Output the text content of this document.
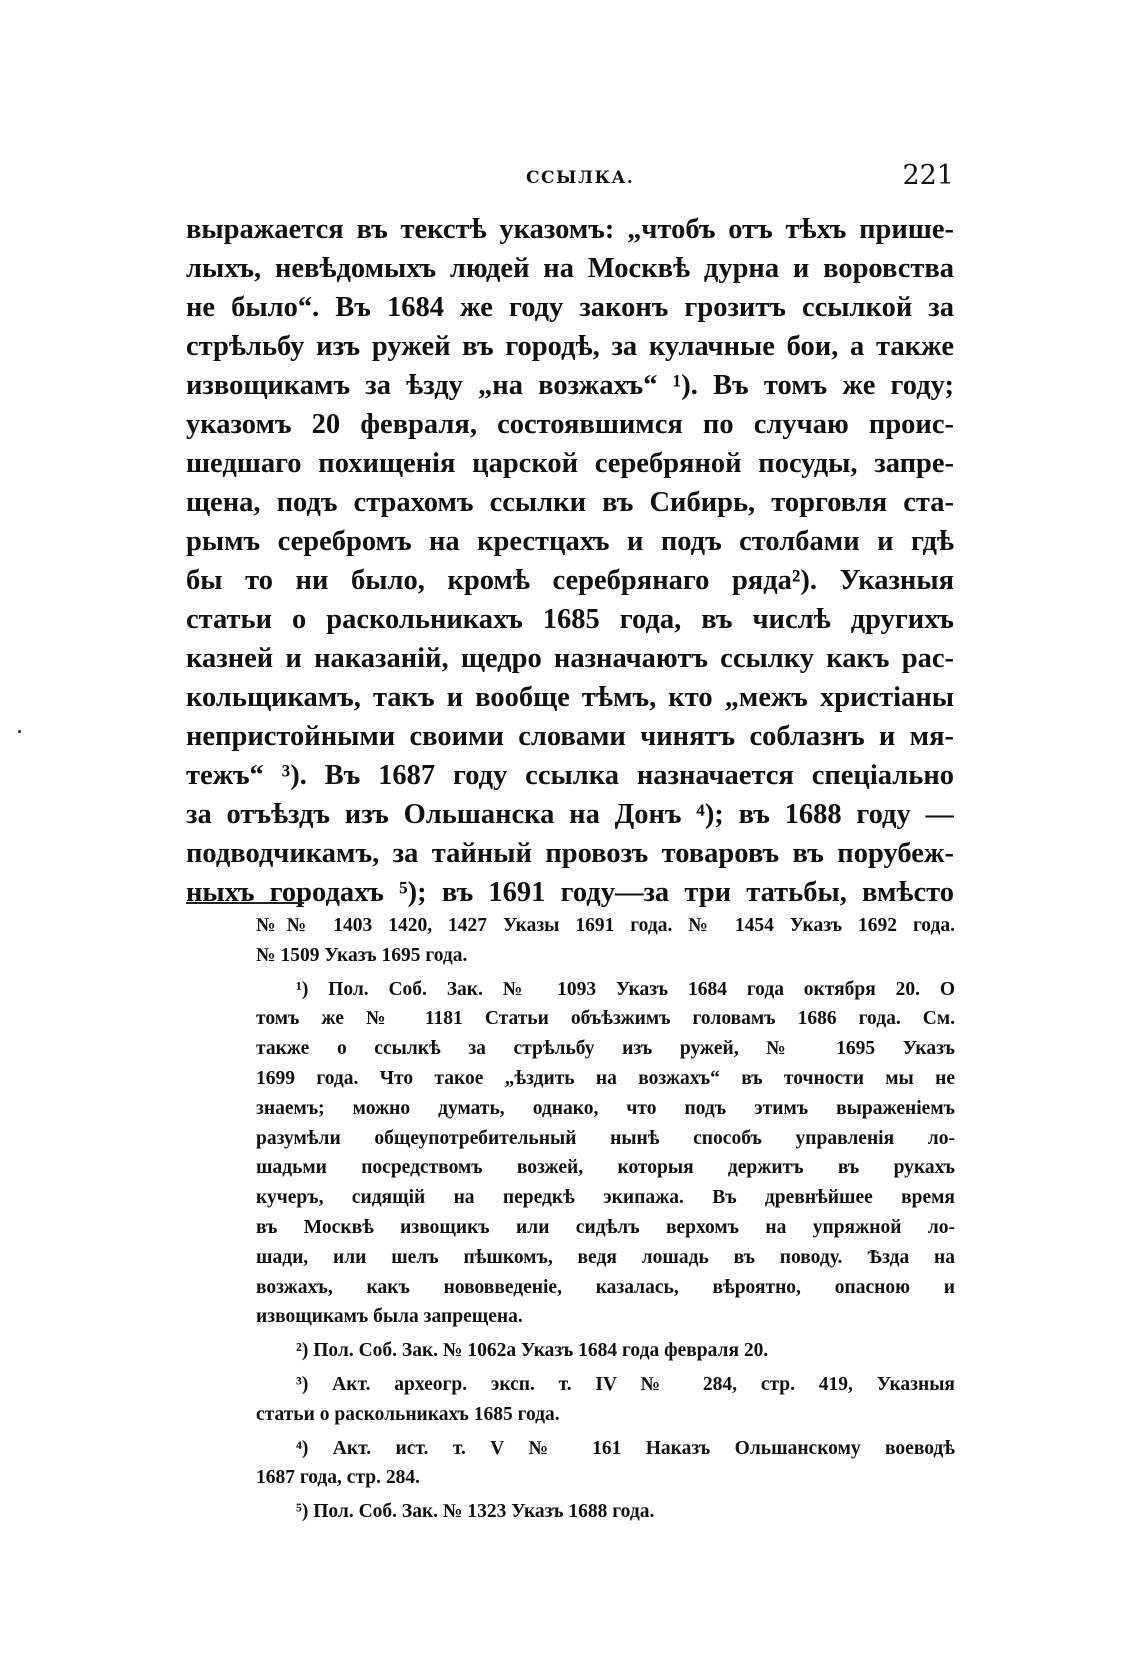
ССЫЛКА.	221
выражается въ текстѣ указомъ: „чтобъ отъ тѣхъ прише-
лыхъ, невѣдомыхъ людей на Москвѣ дурна и воровства
не было“. Въ 1684 же году законъ грозитъ ссылкой за
стрѣльбу изъ ружей въ городѣ, за кулачные бои, а также
извощикамъ за ѣзду „на возжахъ“ ¹). Въ томъ же году;
указомъ 20 февраля, состоявшимся по случаю проис-
шедшаго похищенія царской серебряной посуды, запре-
щена, подъ страхомъ ссылки въ Сибирь, торговля ста-
рымъ серебромъ на крестцахъ и подъ столбами и гдѣ
бы то ни было, кромѣ серебрянаго ряда²). Указныя
статьи о раскольникахъ 1685 года, въ числѣ другихъ
казней и наказаній, щедро назначаютъ ссылку какъ рас-
кольщикамъ, такъ и вообще тѣмъ, кто „межъ христіаны
непристойными своими словами чинятъ соблазнъ и мя-
тежъ“ ³). Въ 1687 году ссылка назначается спеціально
за отъѣздъ изъ Ольшанска на Донъ ⁴); въ 1688 году —
подводчикамъ, за тайный провозъ товаровъ въ порубеж-
ныхъ городахъ ⁵); въ 1691 году—за три татьбы, вмѣсто
№№ 1403 1420, 1427 Указы 1691 года. № 1454 Указъ 1692 года.
№ 1509 Указъ 1695 года.
¹) Пол. Соб. Зак. № 1093 Указъ 1684 года октября 20. О
томъ же № 1181 Статьи объѣзжимъ головамъ 1686 года. См.
также о ссылкѣ за стрѣльбу изъ ружей, № 1695 Указъ
1699 года. Что такое „ѣздить на возжахъ“ въ точности мы не
знаемъ; можно думать, однако, что подъ этимъ выраженіемъ
разумѣли общеупотребительный нынѣ способъ управленія ло-
шадьми посредствомъ возжей, которыя держитъ въ рукахъ
кучеръ, сидящій на передкѣ экипажа. Въ древнѣйшее время
въ Москвѣ извощикъ или сидѣлъ верхомъ на упряжной ло-
шади, или шелъ пѣшкомъ, ведя лошадь въ поводу. Ѣзда на
возжахъ, какъ нововведеніе, казалась, вѣроятно, опасною и
извощикамъ была запрещена.
²) Пол. Соб. Зак. № 1062а Указъ 1684 года февраля 20.
³) Акт. археогр. эксп. т. IV № 284, стр. 419, Указныя
статьи о раскольникахъ 1685 года.
⁴) Акт. ист. т. V № 161 Наказъ Ольшанскому воеводѣ
1687 года, стр. 284.
⁵) Пол. Соб. Зак. № 1323 Указъ 1688 года.
